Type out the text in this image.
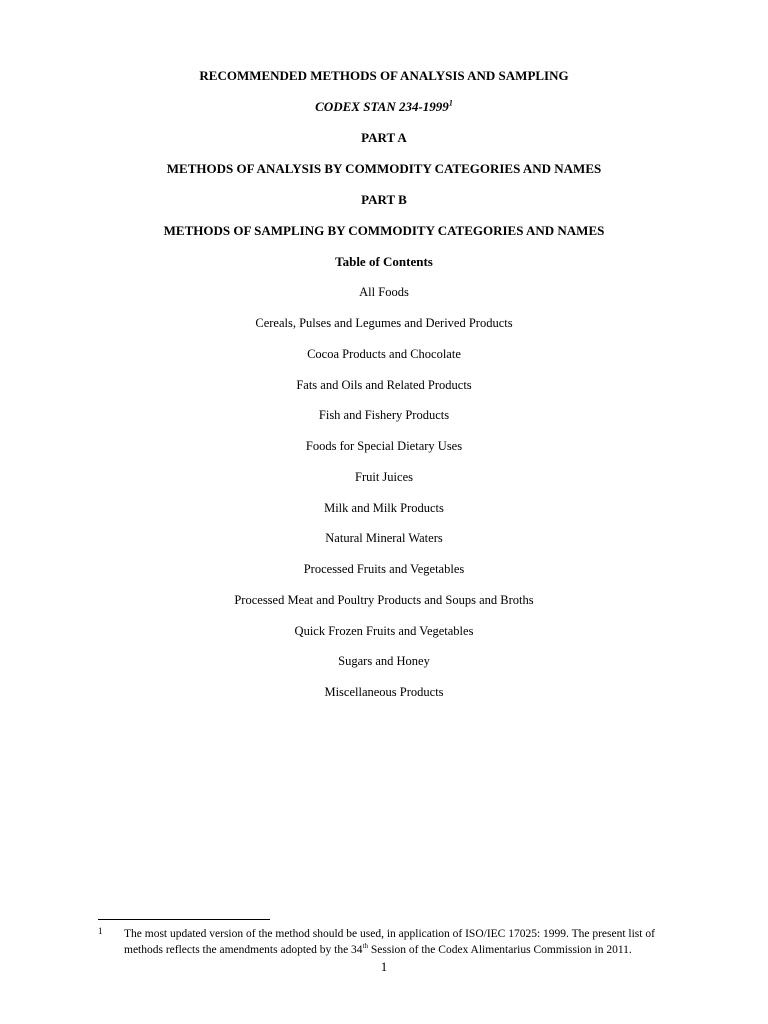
RECOMMENDED METHODS OF ANALYSIS AND SAMPLING
CODEX STAN 234-1999$^1$
PART A
METHODS OF ANALYSIS BY COMMODITY CATEGORIES AND NAMES
PART B
METHODS OF SAMPLING BY COMMODITY CATEGORIES AND NAMES
Table of Contents
All Foods
Cereals, Pulses and Legumes and Derived Products
Cocoa Products and Chocolate
Fats and Oils and Related Products
Fish and Fishery Products
Foods for Special Dietary Uses
Fruit Juices
Milk and Milk Products
Natural Mineral Waters
Processed Fruits and Vegetables
Processed Meat and Poultry Products and Soups and Broths
Quick Frozen Fruits and Vegetables
Sugars and Honey
Miscellaneous Products
1 The most updated version of the method should be used, in application of ISO/IEC 17025: 1999. The present list of methods reflects the amendments adopted by the 34th Session of the Codex Alimentarius Commission in 2011.
1
